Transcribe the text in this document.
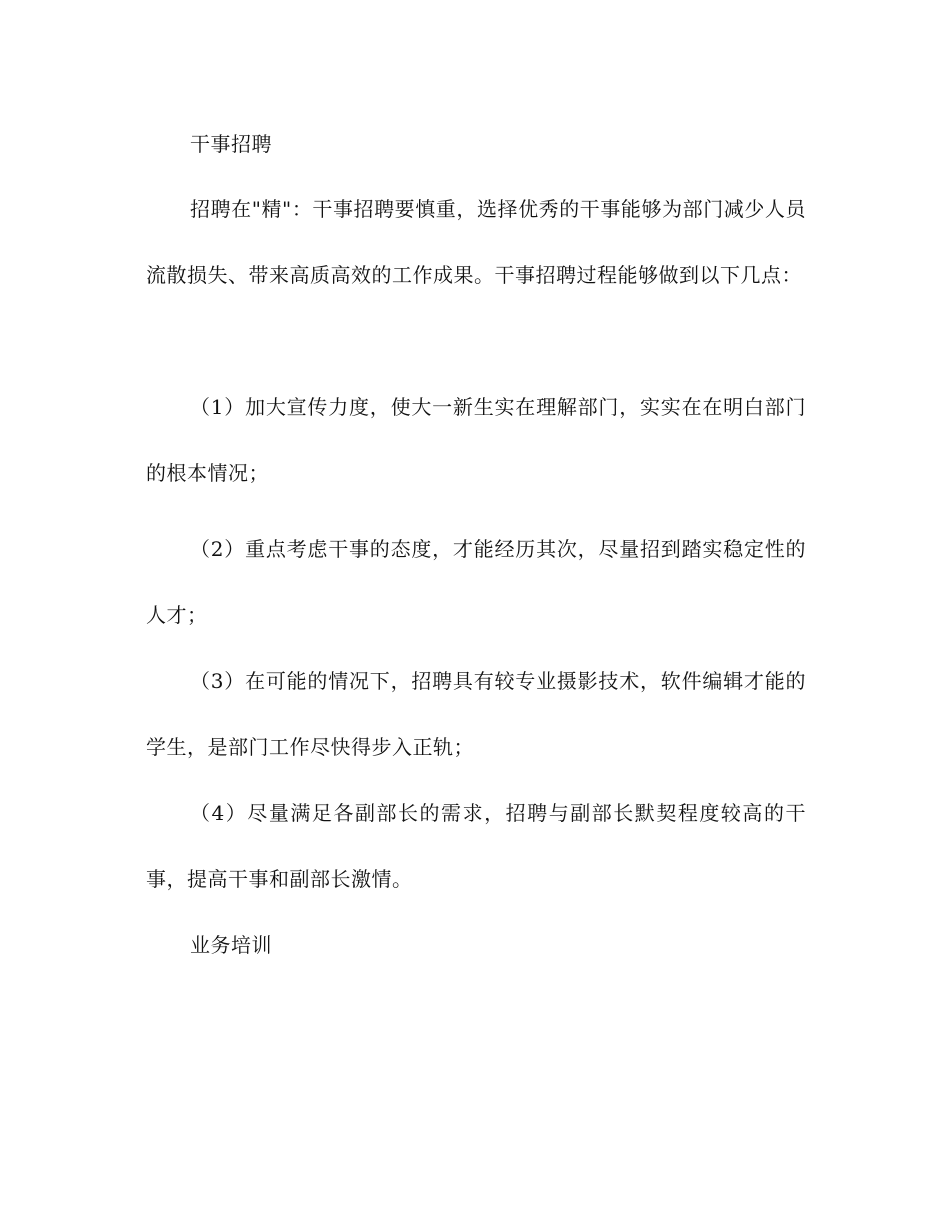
干事招聘

招聘在"精"：干事招聘要慎重，选择优秀的干事能够为部门减少人员流散损失、带来高质高效的工作成果。干事招聘过程能够做到以下几点：

（1）加大宣传力度，使大一新生实在理解部门，实实在在明白部门的根本情况；

（2）重点考虑干事的态度，才能经历其次，尽量招到踏实稳定性的人才；

（3）在可能的情况下，招聘具有较专业摄影技术，软件编辑才能的学生，是部门工作尽快得步入正轨；

（4）尽量满足各副部长的需求，招聘与副部长默契程度较高的干事，提高干事和副部长激情。

业务培训
